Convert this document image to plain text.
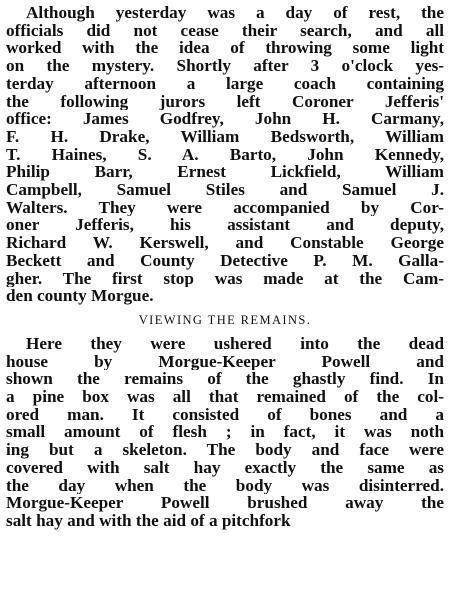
Although yesterday was a day of rest, the
officials did not cease their search, and all
worked with the idea of throwing some light
on the mystery. Shortly after 3 o'clock yes-
terday afternoon a large coach containing
the following jurors left Coroner Jefferis'
office: James Godfrey, John H. Carmany,
F. H. Drake, William Bedsworth, William
T. Haines, S. A. Barto, John Kennedy,
Philip Barr, Ernest Lickfield, William
Campbell, Samuel Stiles and Samuel J.
Walters. They were accompanied by Cor-
oner Jefferis, his assistant and deputy,
Richard W. Kerswell, and Constable George
Beckett and County Detective P. M. Galla-
gher. The first stop was made at the Cam-
den county Morgue.
VIEWING THE REMAINS.
Here they were ushered into the dead
house by Morgue-Keeper Powell and
shown the remains of the ghastly find. In
a pine box was all that remained of the col-
ored man. It consisted of bones and a
small amount of flesh ; in fact, it was noth
ing but a skeleton. The body and face were
covered with salt hay exactly the same as
the day when the body was disinterred.
Morgue-Keeper Powell brushed away the
salt hay and with the aid of a pitchfork
